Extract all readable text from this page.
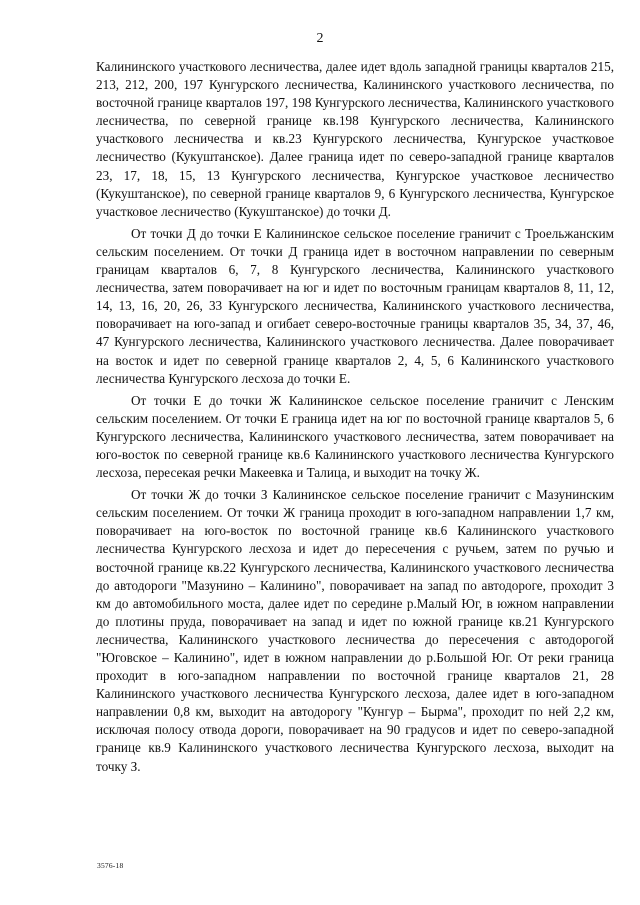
2

Калининского участкового лесничества, далее идет вдоль западной границы кварталов 215, 213, 212, 200, 197 Кунгурского лесничества, Калининского участкового лесничества, по восточной границе кварталов 197, 198 Кунгурского лесничества, Калининского участкового лесничества, по северной границе кв.198 Кунгурского лесничества, Калининского участкового лесничества и кв.23 Кунгурского лесничества, Кунгурское участковое лесничество (Кукуштанское). Далее граница идет по северо-западной границе кварталов 23, 17, 18, 15, 13 Кунгурского лесничества, Кунгурское участковое лесничество (Кукуштанское), по северной границе кварталов 9, 6 Кунгурского лесничества, Кунгурское участковое лесничество (Кукуштанское) до точки Д.

От точки Д до точки Е Калининское сельское поселение граничит с Троельжанским сельским поселением. От точки Д граница идет в восточном направлении по северным границам кварталов 6, 7, 8 Кунгурского лесничества, Калининского участкового лесничества, затем поворачивает на юг и идет по восточным границам кварталов 8, 11, 12, 14, 13, 16, 20, 26, 33 Кунгурского лесничества, Калининского участкового лесничества, поворачивает на юго-запад и огибает северо-восточные границы кварталов 35, 34, 37, 46, 47 Кунгурского лесничества, Калининского участкового лесничества. Далее поворачивает на восток и идет по северной границе кварталов 2, 4, 5, 6 Калининского участкового лесничества Кунгурского лесхоза до точки Е.

От точки Е до точки Ж Калининское сельское поселение граничит с Ленским сельским поселением. От точки Е граница идет на юг по восточной границе кварталов 5, 6 Кунгурского лесничества, Калининского участкового лесничества, затем поворачивает на юго-восток по северной границе кв.6 Калининского участкового лесничества Кунгурского лесхоза, пересекая речки Макеевка и Талица, и выходит на точку Ж.

От точки Ж до точки З Калининское сельское поселение граничит с Мазунинским сельским поселением. От точки Ж граница проходит в юго-западном направлении 1,7 км, поворачивает на юго-восток по восточной границе кв.6 Калининского участкового лесничества Кунгурского лесхоза и идет до пересечения с ручьем, затем по ручью и восточной границе кв.22 Кунгурского лесничества, Калининского участкового лесничества до автодороги "Мазунино – Калинино", поворачивает на запад по автодороге, проходит 3 км до автомобильного моста, далее идет по середине р.Малый Юг, в южном направлении до плотины пруда, поворачивает на запад и идет по южной границе кв.21 Кунгурского лесничества, Калининского участкового лесничества до пересечения с автодорогой "Юговское – Калинино", идет в южном направлении до р.Большой Юг. От реки граница проходит в юго-западном направлении по восточной границе кварталов 21, 28 Калининского участкового лесничества Кунгурского лесхоза, далее идет в юго-западном направлении 0,8 км, выходит на автодорогу "Кунгур – Бырма", проходит по ней 2,2 км, исключая полосу отвода дороги, поворачивает на 90 градусов и идет по северо-западной границе кв.9 Калининского участкового лесничества Кунгурского лесхоза, выходит на точку З.

3576-18
